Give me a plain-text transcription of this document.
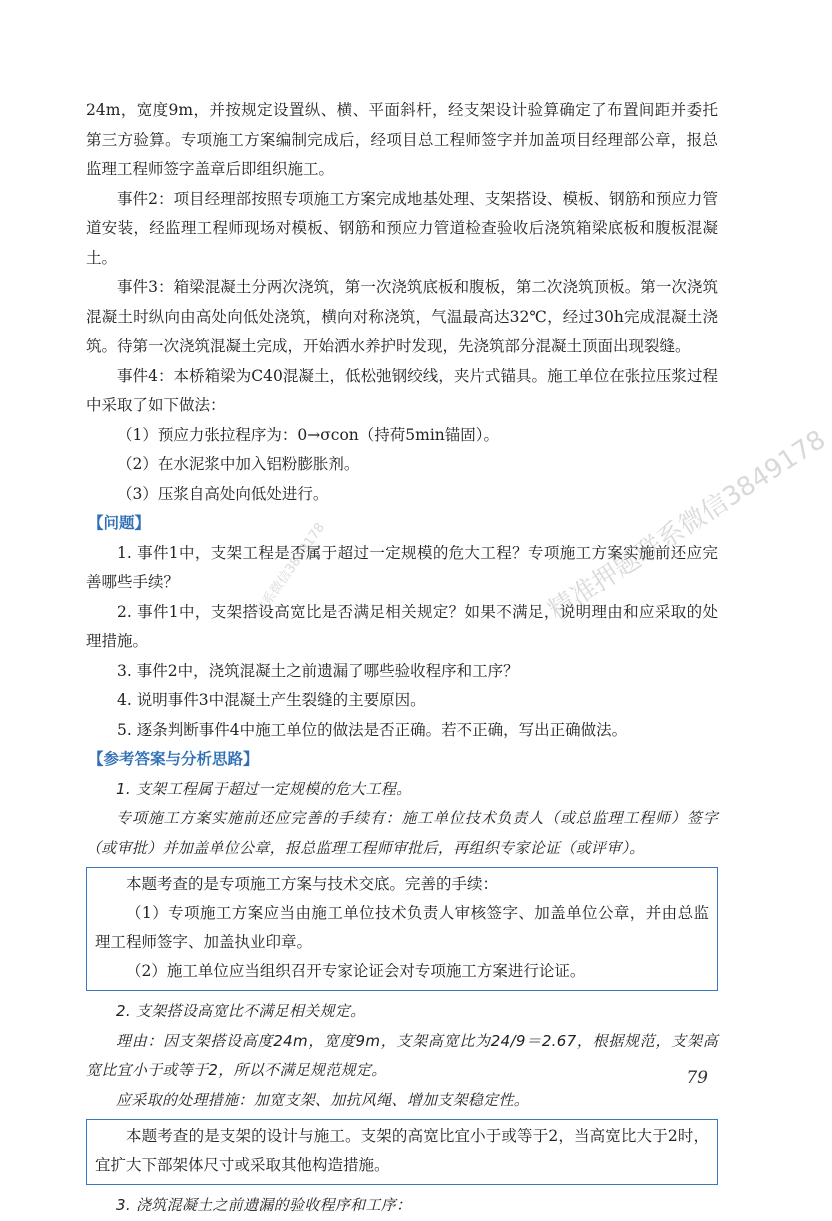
24m，宽度9m，并按规定设置纵、横、平面斜杆，经支架设计验算确定了布置间距并委托第三方验算。专项施工方案编制完成后，经项目总工程师签字并加盖项目经理部公章，报总监理工程师签字盖章后即组织施工。

事件2：项目经理部按照专项施工方案完成地基处理、支架搭设、模板、钢筋和预应力管道安装，经监理工程师现场对模板、钢筋和预应力管道检查验收后浇筑箱梁底板和腹板混凝土。

事件3：箱梁混凝土分两次浇筑，第一次浇筑底板和腹板，第二次浇筑顶板。第一次浇筑混凝土时纵向由高处向低处浇筑，横向对称浇筑，气温最高达32℃，经过30h完成混凝土浇筑。待第一次浇筑混凝土完成，开始洒水养护时发现，先浇筑部分混凝土顶面出现裂缝。

事件4：本桥箱梁为C40混凝土，低松弛钢绞线，夹片式锚具。施工单位在张拉压浆过程中采取了如下做法：

（1）预应力张拉程序为：0→σcon（持荷5min锚固）。

（2）在水泥浆中加入铝粉膨胀剂。

（3）压浆自高处向低处进行。

【问题】

1. 事件1中，支架工程是否属于超过一定规模的危大工程？专项施工方案实施前还应完善哪些手续？

2. 事件1中，支架搭设高宽比是否满足相关规定？如果不满足，说明理由和应采取的处理措施。

3. 事件2中，浇筑混凝土之前遗漏了哪些验收程序和工序？

4. 说明事件3中混凝土产生裂缝的主要原因。

5. 逐条判断事件4中施工单位的做法是否正确。若不正确，写出正确做法。

【参考答案与分析思路】

1. 支架工程属于超过一定规模的危大工程。

专项施工方案实施前还应完善的手续有：施工单位技术负责人（或总监理工程师）签字（或审批）并加盖单位公章，报总监理工程师审批后，再组织专家论证（或评审）。

本题考查的是专项施工方案与技术交底。完善的手续：

（1）专项施工方案应当由施工单位技术负责人审核签字、加盖单位公章，并由总监理工程师签字、加盖执业印章。

（2）施工单位应当组织召开专家论证会对专项施工方案进行论证。

2. 支架搭设高宽比不满足相关规定。

理由：因支架搭设高度24m，宽度9m，支架高宽比为24/9＝2.67，根据规范，支架高宽比宜小于或等于2，所以不满足规范规定。

应采取的处理措施：加宽支架、加抗风绳、增加支架稳定性。

本题考查的是支架的设计与施工。支架的高宽比宜小于或等于2，当高宽比大于2时，宜扩大下部架体尺寸或采取其他构造措施。

3. 浇筑混凝土之前遗漏的验收程序和工序：

精准押题联系微信3849178
联系微信3849178
79
